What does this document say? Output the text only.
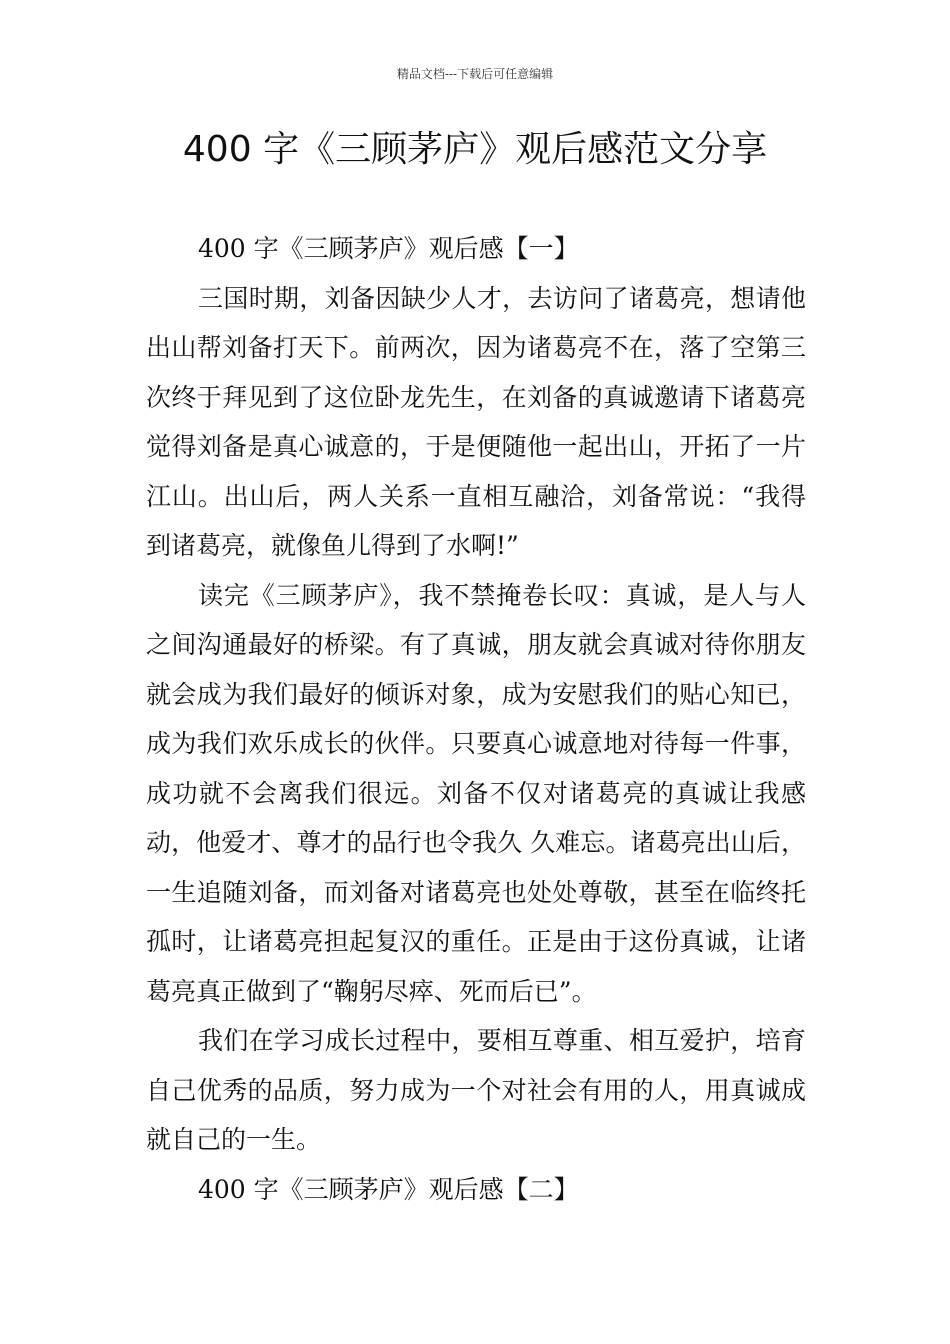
精品文档---下载后可任意编辑
400 字《三顾茅庐》观后感范文分享

400 字《三顾茅庐》观后感【一】

三国时期，刘备因缺少人才，去访问了诸葛亮，想请他出山帮刘备打天下。前两次，因为诸葛亮不在，落了空第三次终于拜见到了这位卧龙先生，在刘备的真诚邀请下诸葛亮觉得刘备是真心诚意的，于是便随他一起出山，开拓了一片江山。出山后，两人关系一直相互融洽，刘备常说：“我得到诸葛亮，就像鱼儿得到了水啊!”

读完《三顾茅庐》，我不禁掩卷长叹：真诚，是人与人之间沟通最好的桥梁。有了真诚，朋友就会真诚对待你朋友就会成为我们最好的倾诉对象，成为安慰我们的贴心知已，成为我们欢乐成长的伙伴。只要真心诚意地对待每一件事，成功就不会离我们很远。刘备不仅对诸葛亮的真诚让我感动，他爱才、尊才的品行也令我久 久难忘。诸葛亮出山后，一生追随刘备，而刘备对诸葛亮也处处尊敬，甚至在临终托孤时，让诸葛亮担起复汉的重任。正是由于这份真诚，让诸葛亮真正做到了“鞠躬尽瘁、死而后已”。

我们在学习成长过程中，要相互尊重、相互爱护，培育自己优秀的品质，努力成为一个对社会有用的人，用真诚成就自己的一生。

400 字《三顾茅庐》观后感【二】
